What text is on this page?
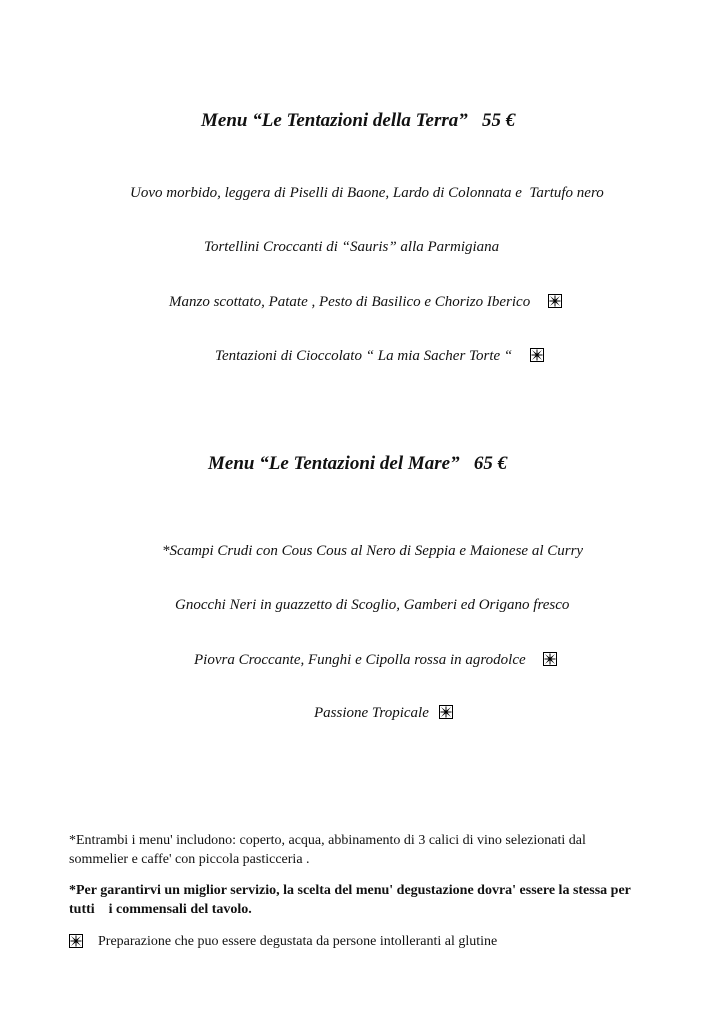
Menu “Le Tentazioni della Terra”   55 €
Uovo morbido, leggera di Piselli di Baone, Lardo di Colonnata e  Tartufo nero
Tortellini Croccanti di “Sauris” alla Parmigiana
Manzo scottato, Patate , Pesto di Basilico e Chorizo Iberico
Tentazioni di Cioccolato “ La mia Sacher Torte “
Menu “Le Tentazioni del Mare”   65 €
*Scampi Crudi con Cous Cous al Nero di Seppia e Maionese al Curry
Gnocchi Neri in guazzetto di Scoglio, Gamberi ed Origano fresco
Piovra Croccante, Funghi e Cipolla rossa in agrodolce
Passione Tropicale
*Entrambi i menu' includono: coperto, acqua, abbinamento di 3 calici di vino selezionati dal sommelier e caffe' con piccola pasticceria .
*Per garantirvi un miglior servizio, la scelta del menu' degustazione dovra' essere la stessa per tutti    i commensali del tavolo.
Preparazione che puo essere degustata da persone intolleranti al glutine
